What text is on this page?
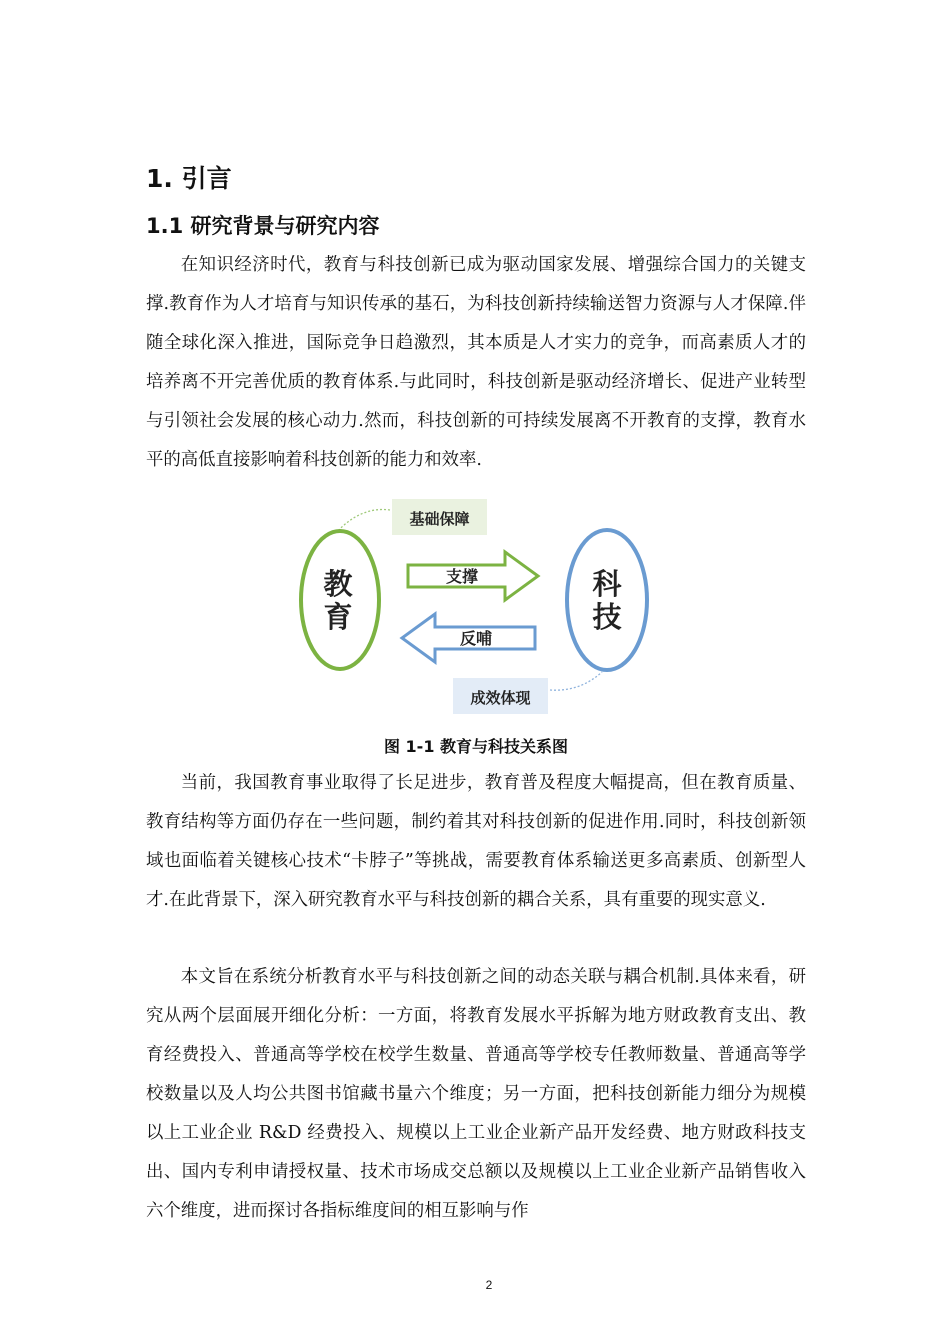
1. 引言
1.1 研究背景与研究内容

在知识经济时代，教育与科技创新已成为驱动国家发展、增强综合国力的关键支撑.教育作为人才培育与知识传承的基石，为科技创新持续输送智力资源与人才保障.伴随全球化深入推进，国际竞争日趋激烈，其本质是人才实力的竞争，而高素质人才的培养离不开完善优质的教育体系.与此同时，科技创新是驱动经济增长、促进产业转型与引领社会发展的核心动力.然而，科技创新的可持续发展离不开教育的支撑，教育水平的高低直接影响着科技创新的能力和效率.

基础保障
教
育
科
技
支撑
反哺
成效体现

图 1-1 教育与科技关系图

当前，我国教育事业取得了长足进步，教育普及程度大幅提高，但在教育质量、教育结构等方面仍存在一些问题，制约着其对科技创新的促进作用.同时，科技创新领域也面临着关键核心技术“卡脖子”等挑战，需要教育体系输送更多高素质、创新型人才.在此背景下，深入研究教育水平与科技创新的耦合关系，具有重要的现实意义.

本文旨在系统分析教育水平与科技创新之间的动态关联与耦合机制.具体来看，研究从两个层面展开细化分析：一方面，将教育发展水平拆解为地方财政教育支出、教育经费投入、普通高等学校在校学生数量、普通高等学校专任教师数量、普通高等学校数量以及人均公共图书馆藏书量六个维度；另一方面，把科技创新能力细分为规模以上工业企业 R&D 经费投入、规模以上工业企业新产品开发经费、地方财政科技支出、国内专利申请授权量、技术市场成交总额以及规模以上工业企业新产品销售收入六个维度，进而探讨各指标维度间的相互影响与作

2
